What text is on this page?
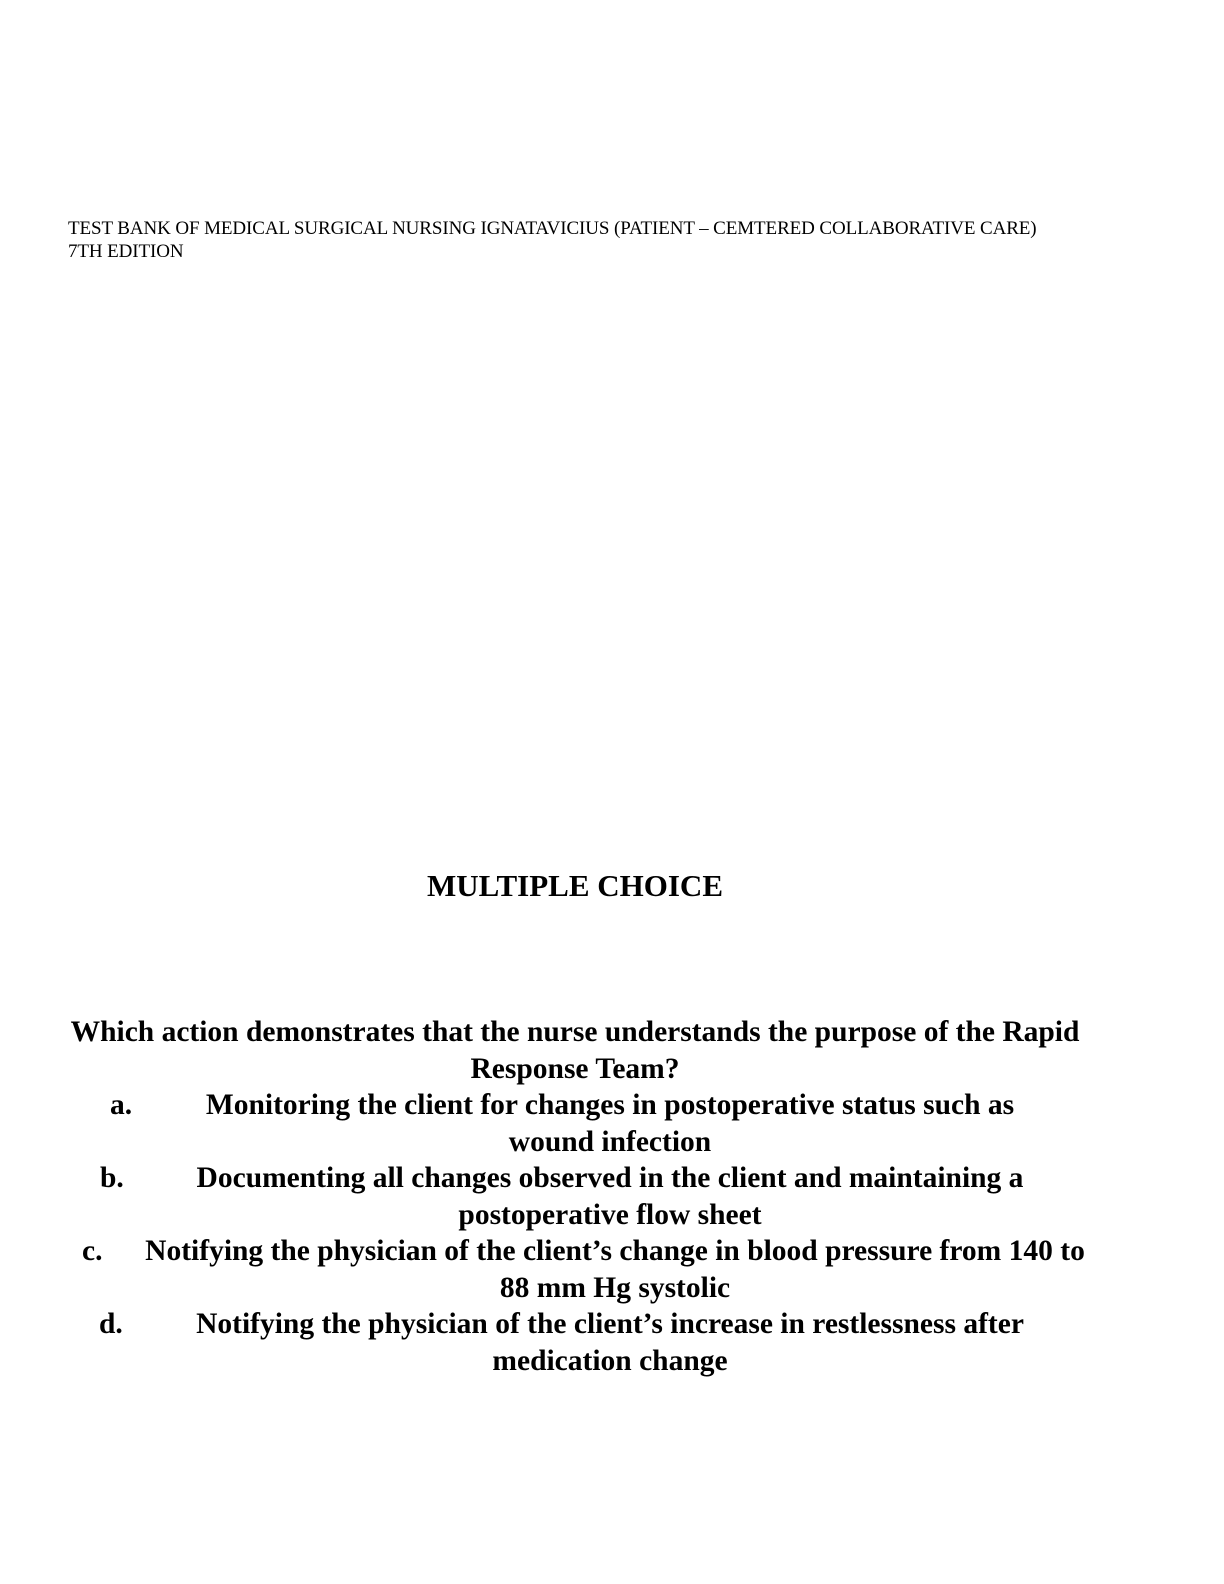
TEST BANK OF MEDICAL SURGICAL NURSING IGNATAVICIUS (PATIENT – CEMTERED COLLABORATIVE CARE) 7TH EDITION
MULTIPLE CHOICE

Which action demonstrates that the nurse understands the purpose of the Rapid Response Team?

a.	Monitoring the client for changes in postoperative status such as wound infection

b.	Documenting all changes observed in the client and maintaining a postoperative flow sheet

c.	Notifying the physician of the client’s change in blood pressure from 140 to 88 mm Hg systolic

d.	Notifying the physician of the client’s increase in restlessness after medication change
